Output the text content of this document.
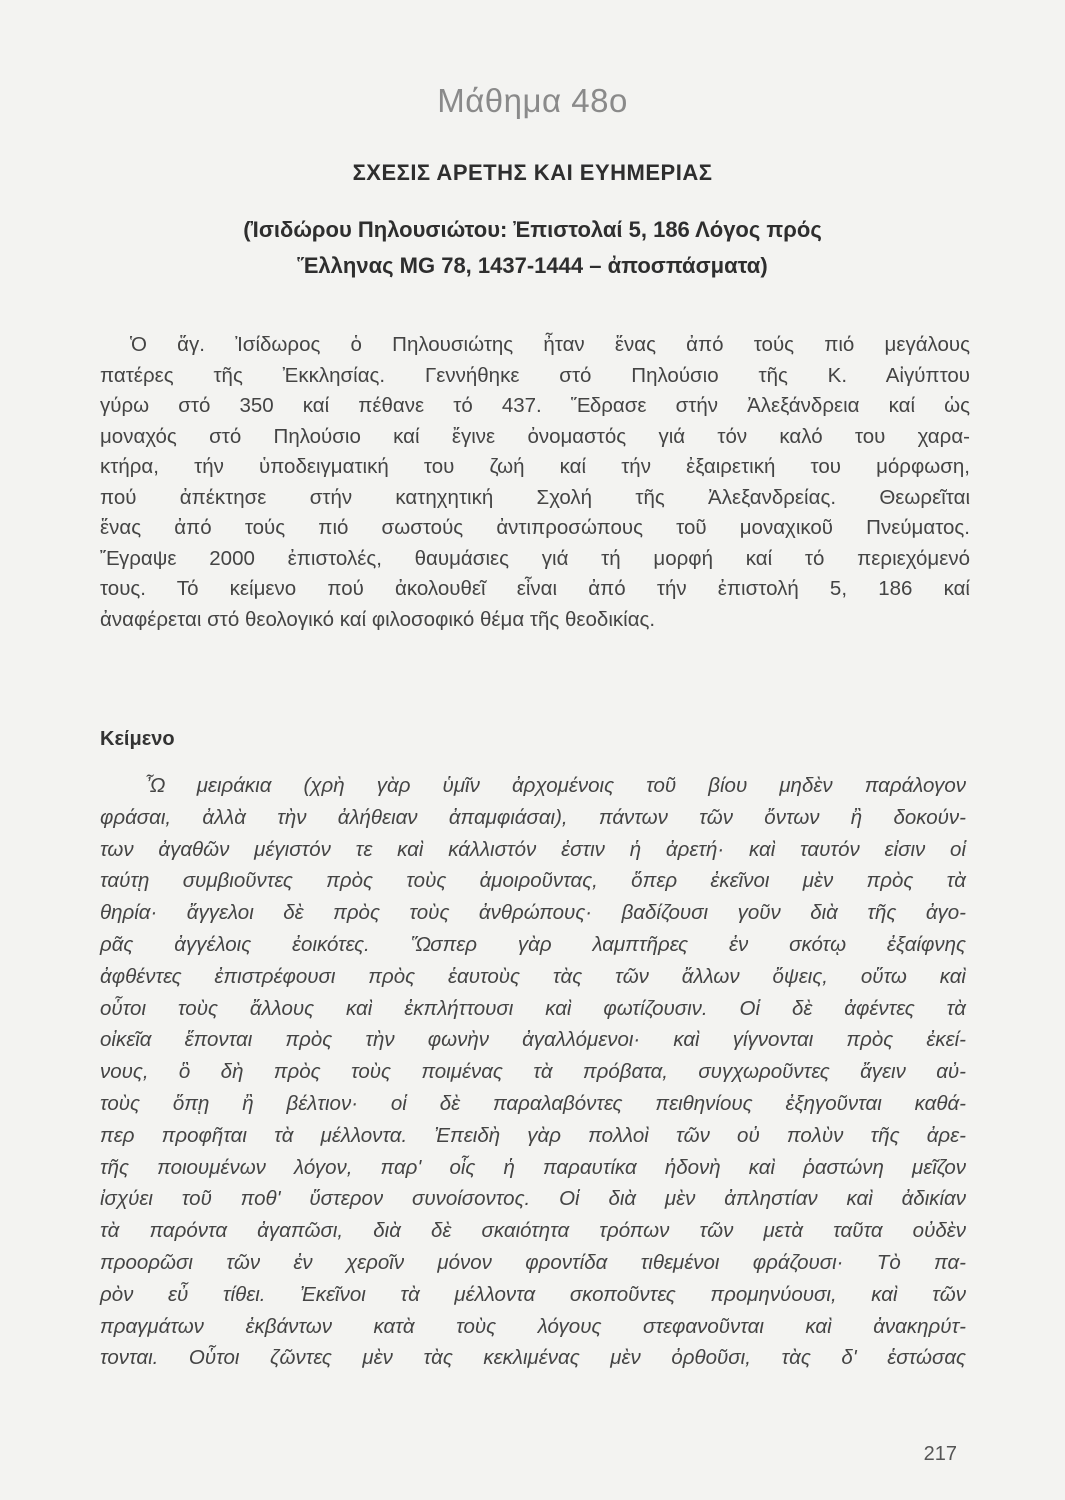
Μάθημα 48ο
ΣΧΕΣΙΣ ΑΡΕΤΗΣ ΚΑΙ ΕΥΗΜΕΡΙΑΣ
(Ἰσιδώρου Πηλουσιώτου: Ἐπιστολαί 5, 186 Λόγος πρός
Ἕλληνας MG 78, 1437-1444 – ἀποσπάσματα)
Ὁ ἅγ. Ἰσίδωρος ὁ Πηλουσιώτης ἦταν ἕνας ἀπό τούς πιό μεγάλους
πατέρες τῆς Ἐκκλησίας. Γεννήθηκε στό Πηλούσιο τῆς Κ. Αἰγύπτου
γύρω στό 350 καί πέθανε τό 437. Ἕδρασε στήν Ἀλεξάνδρεια καί ὡς
μοναχός στό Πηλούσιο καί ἔγινε ὀνομαστός γιά τόν καλό του χαρα-
κτήρα, τήν ὑποδειγματική του ζωή καί τήν ἐξαιρετική του μόρφωση,
πού ἀπέκτησε στήν κατηχητική Σχολή τῆς Ἀλεξανδρείας. Θεωρεῖται
ἕνας ἀπό τούς πιό σωστούς ἀντιπροσώπους τοῦ μοναχικοῦ Πνεύματος.
Ἔγραψε 2000 ἐπιστολές, θαυμάσιες γιά τή μορφή καί τό περιεχόμενό
τους. Τό κείμενο πού ἀκολουθεῖ εἶναι ἀπό τήν ἐπιστολή 5, 186 καί
ἀναφέρεται στό θεολογικό καί φιλοσοφικό θέμα τῆς θεοδικίας.
Κείμενο
Ὦ μειράκια (χρὴ γὰρ ὑμῖν ἀρχομένοις τοῦ βίου μηδὲν παράλογον
φράσαι, ἀλλὰ τὴν ἀλήθειαν ἀπαμφιάσαι), πάντων τῶν ὄντων ἢ δοκούν-
των ἀγαθῶν μέγιστόν τε καὶ κάλλιστόν ἐστιν ἡ ἀρετή· καὶ ταυτόν εἰσιν οἱ
ταύτῃ συμβιοῦντες πρὸς τοὺς ἀμοιροῦντας, ὅπερ ἐκεῖνοι μὲν πρὸς τὰ
θηρία· ἄγγελοι δὲ πρὸς τοὺς ἀνθρώπους· βαδίζουσι γοῦν διὰ τῆς ἀγο-
ρᾶς ἀγγέλοις ἐοικότες. Ὥσπερ γὰρ λαμπτῆρες ἐν σκότῳ ἐξαίφνης
ἀφθέντες ἐπιστρέφουσι πρὸς ἑαυτοὺς τὰς τῶν ἄλλων ὄψεις, οὕτω καὶ
οὗτοι τοὺς ἄλλους καὶ ἐκπλήττουσι καὶ φωτίζουσιν. Οἱ δὲ ἀφέντες τὰ
οἰκεῖα ἕπονται πρὸς τὴν φωνὴν ἀγαλλόμενοι· καὶ γίγνονται πρὸς ἐκεί-
νους, ὃ δὴ πρὸς τοὺς ποιμένας τὰ πρόβατα, συγχωροῦντες ἄγειν αὐ-
τοὺς ὅπῃ ἢ βέλτιον· οἱ δὲ παραλαβόντες πειθηνίους ἐξηγοῦνται καθά-
περ προφῆται τὰ μέλλοντα. Ἐπειδὴ γὰρ πολλοὶ τῶν οὐ πολὺν τῆς ἀρε-
τῆς ποιουμένων λόγον, παρ' οἷς ἡ παραυτίκα ἡδονὴ καὶ ῥαστώνη μεῖζον
ἰσχύει τοῦ ποθ' ὕστερον συνοίσοντος. Οἱ διὰ μὲν ἀπληστίαν καὶ ἀδικίαν
τὰ παρόντα ἀγαπῶσι, διὰ δὲ σκαιότητα τρόπων τῶν μετὰ ταῦτα οὐδὲν
προορῶσι τῶν ἐν χεροῖν μόνον φροντίδα τιθεμένοι φράζουσι· Τὸ πα-
ρὸν εὖ τίθει. Ἐκεῖνοι τὰ μέλλοντα σκοποῦντες προμηνύουσι, καὶ τῶν
πραγμάτων ἐκβάντων κατὰ τοὺς λόγους στεφανοῦνται καὶ ἀνακηρύτ-
τονται. Οὗτοι ζῶντες μὲν τὰς κεκλιμένας μὲν ὀρθοῦσι, τὰς δ' ἑστώσας
217
